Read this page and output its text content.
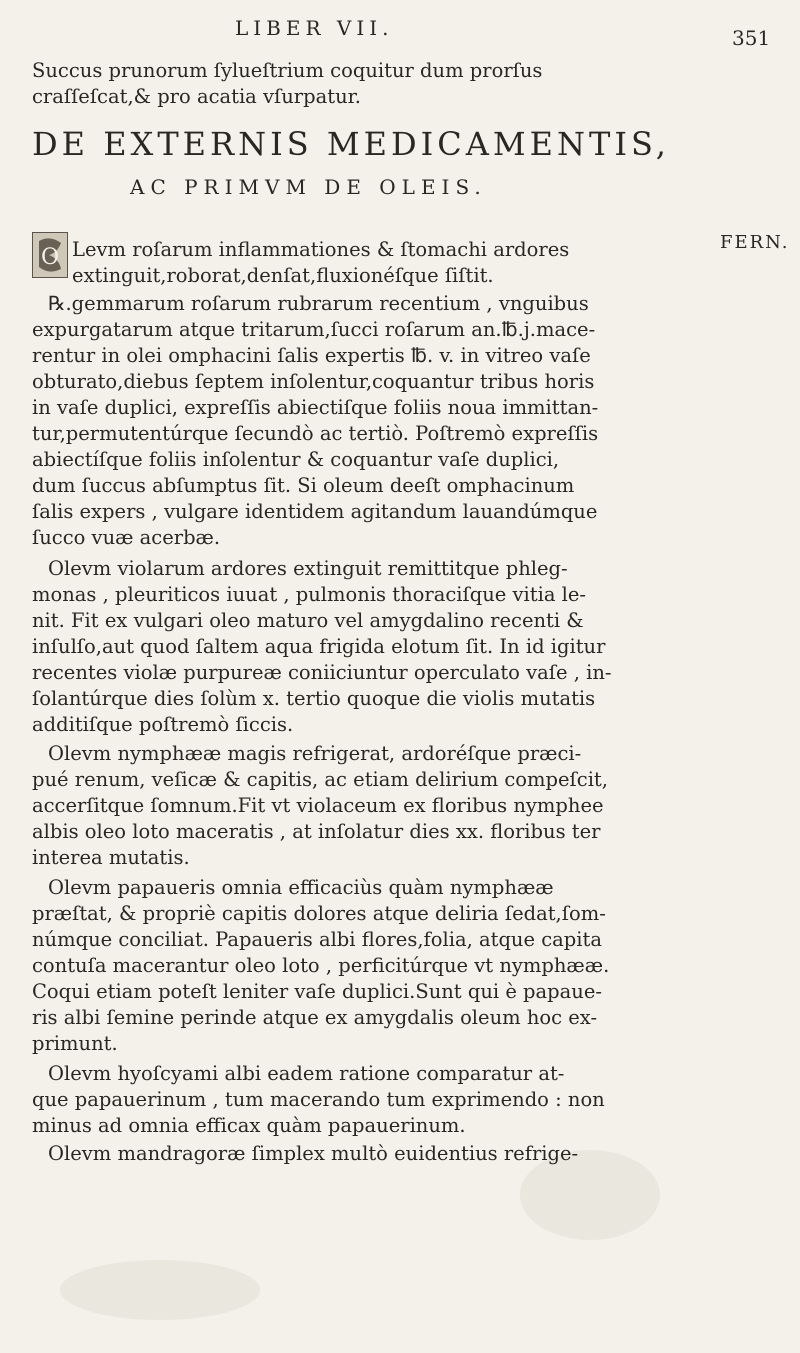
LIBER VII.	351
Succus prunorum ſylueſtrium coquitur dum prorſus
craſſeſcat,& pro acatia vſurpatur.
DE EXTERNIS MEDICAMENTIS,
AC PRIMVM DE OLEIS.
O
FERN.
Levm roſarum inflammationes & ſtomachi ardores
extinguit,roborat,denſat,fluxionéſque ſiſtit.
℞.gemmarum roſarum rubrarum recentium , vnguibus
expurgatarum atque tritarum,ſucci roſarum an.℔.j.mace-
rentur in olei omphacini ſalis expertis ℔. v. in vitreo vaſe
obturato,diebus ſeptem inſolentur,coquantur tribus horis
in vaſe duplici, expreſſis abiectiſque foliis noua immittan-
tur,permutentúrque ſecundò ac tertiò. Poſtremò expreſſis
abiectíſque foliis inſolentur & coquantur vaſe duplici,
dum ſuccus abſumptus ſit. Si oleum deeſt omphacinum
ſalis expers , vulgare identidem agitandum lauandúmque
ſucco vuæ acerbæ.
Olevm violarum ardores extinguit remittitque phleg-
monas , pleuriticos iuuat , pulmonis thoraciſque vitia le-
nit. Fit ex vulgari oleo maturo vel amygdalino recenti &
inſulſo,aut quod ſaltem aqua frigida elotum ſit. In id igitur
recentes violæ purpureæ coniiciuntur operculato vaſe , in-
ſolantúrque dies ſolùm x. tertio quoque die violis mutatis
additiſque poſtremò ſiccis.
Olevm nymphææ magis refrigerat, ardoréſque præci-
pué renum, veſicæ & capitis, ac etiam delirium compeſcit,
accerſitque ſomnum.Fit vt violaceum ex floribus nymphee
albis oleo loto maceratis , at inſolatur dies xx. floribus ter
interea mutatis.
Olevm papaueris omnia efficaciùs quàm nymphææ
præſtat, & propriè capitis dolores atque deliria ſedat,ſom-
númque conciliat. Papaueris albi flores,folia, atque capita
contuſa macerantur oleo loto , perficitúrque vt nymphææ.
Coqui etiam poteſt leniter vaſe duplici.Sunt qui è papaue-
ris albi ſemine perinde atque ex amygdalis oleum hoc ex-
primunt.
Olevm hyoſcyami albi eadem ratione comparatur at-
que papauerinum , tum macerando tum exprimendo : non
minus ad omnia efficax quàm papauerinum.
Olevm mandragoræ ſimplex multò euidentius refrige-
